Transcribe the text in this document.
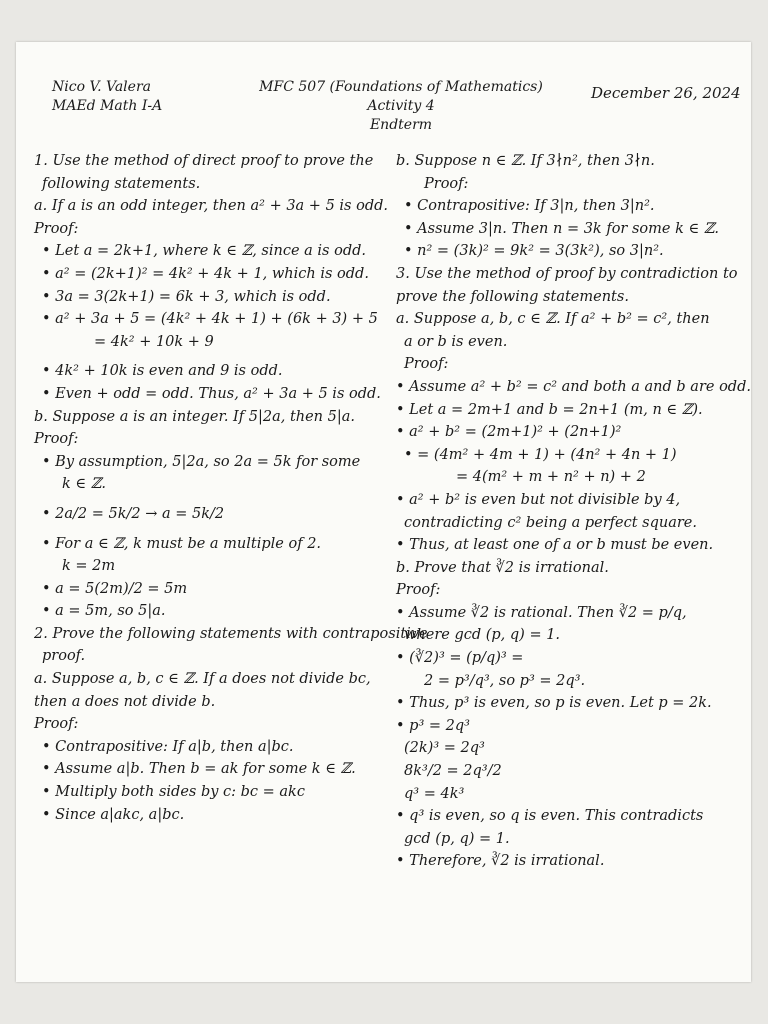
Nico V. Valera
MAEd Math I-A
MFC 507 (Foundations of Mathematics)
Activity 4
Endterm
December 26, 2024
1. Use the method of direct proof to prove the
following statements.
a. If a is an odd integer, then a² + 3a + 5 is odd.
Proof:
• Let a = 2k+1, where k ∈ ℤ, since a is odd.
• a² = (2k+1)² = 4k² + 4k + 1, which is odd.
• 3a = 3(2k+1) = 6k + 3, which is odd.
• a² + 3a + 5 = (4k² + 4k + 1) + (6k + 3) + 5
= 4k² + 10k + 9
• 4k² + 10k is even and 9 is odd.
• Even + odd = odd. Thus, a² + 3a + 5 is odd.
b. Suppose a is an integer. If 5|2a, then 5|a.
Proof:
• By assumption, 5|2a, so 2a = 5k for some
k ∈ ℤ.
• 2a/2 = 5k/2 → a = 5k/2
• For a ∈ ℤ, k must be a multiple of 2.
k = 2m
• a = 5(2m)/2 = 5m
• a = 5m, so 5|a.
2. Prove the following statements with contrapositive
proof.
a. Suppose a, b, c ∈ ℤ. If a does not divide bc,
then a does not divide b.
Proof:
• Contrapositive: If a|b, then a|bc.
• Assume a|b. Then b = ak for some k ∈ ℤ.
• Multiply both sides by c: bc = akc
• Since a|akc, a|bc.
b. Suppose n ∈ ℤ. If 3∤n², then 3∤n.
Proof:
• Contrapositive: If 3|n, then 3|n².
• Assume 3|n. Then n = 3k for some k ∈ ℤ.
• n² = (3k)² = 9k² = 3(3k²), so 3|n².
3. Use the method of proof by contradiction to
prove the following statements.
a. Suppose a, b, c ∈ ℤ. If a² + b² = c², then
a or b is even.
Proof:
• Assume a² + b² = c² and both a and b are odd.
• Let a = 2m+1 and b = 2n+1 (m, n ∈ ℤ).
• a² + b² = (2m+1)² + (2n+1)²
• = (4m² + 4m + 1) + (4n² + 4n + 1)
= 4(m² + m + n² + n) + 2
• a² + b² is even but not divisible by 4,
contradicting c² being a perfect square.
• Thus, at least one of a or b must be even.
b. Prove that ∛2 is irrational.
Proof:
• Assume ∛2 is rational. Then ∛2 = p/q,
where gcd (p, q) = 1.
• (∛2)³ = (p/q)³ =
2 = p³/q³, so p³ = 2q³.
• Thus, p³ is even, so p is even. Let p = 2k.
• p³ = 2q³
(2k)³ = 2q³
8k³/2 = 2q³/2
q³ = 4k³
• q³ is even, so q is even. This contradicts
gcd (p, q) = 1.
• Therefore, ∛2 is irrational.
